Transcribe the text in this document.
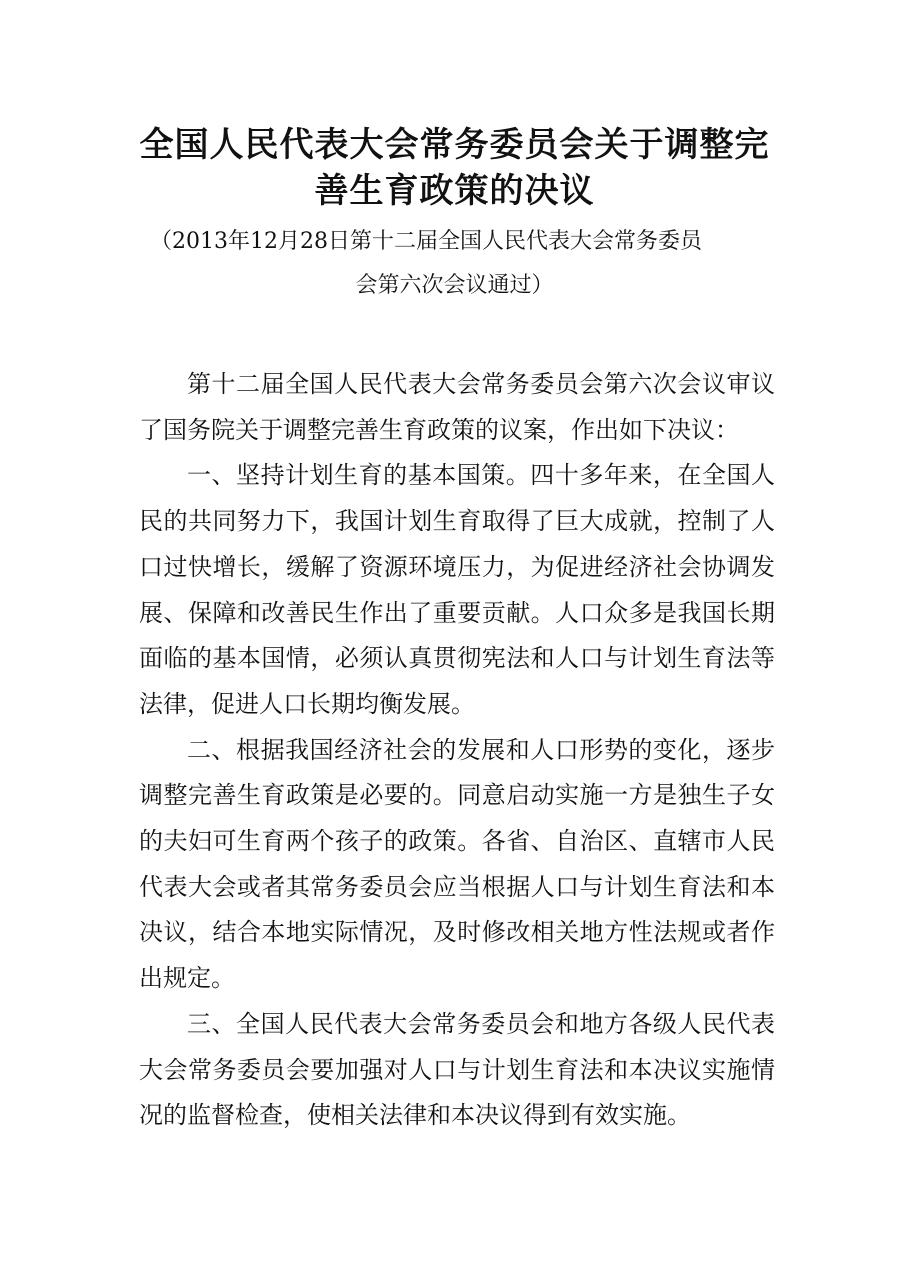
全国人民代表大会常务委员会关于调整完
善生育政策的决议

（2013年12月28日第十二届全国人民代表大会常务委员

会第六次会议通过）

第十二届全国人民代表大会常务委员会第六次会议审议了国务院关于调整完善生育政策的议案，作出如下决议：

一、坚持计划生育的基本国策。四十多年来，在全国人民的共同努力下，我国计划生育取得了巨大成就，控制了人口过快增长，缓解了资源环境压力，为促进经济社会协调发展、保障和改善民生作出了重要贡献。人口众多是我国长期面临的基本国情，必须认真贯彻宪法和人口与计划生育法等法律，促进人口长期均衡发展。

二、根据我国经济社会的发展和人口形势的变化，逐步调整完善生育政策是必要的。同意启动实施一方是独生子女的夫妇可生育两个孩子的政策。各省、自治区、直辖市人民代表大会或者其常务委员会应当根据人口与计划生育法和本决议，结合本地实际情况，及时修改相关地方性法规或者作出规定。

三、全国人民代表大会常务委员会和地方各级人民代表大会常务委员会要加强对人口与计划生育法和本决议实施情况的监督检查，使相关法律和本决议得到有效实施。
